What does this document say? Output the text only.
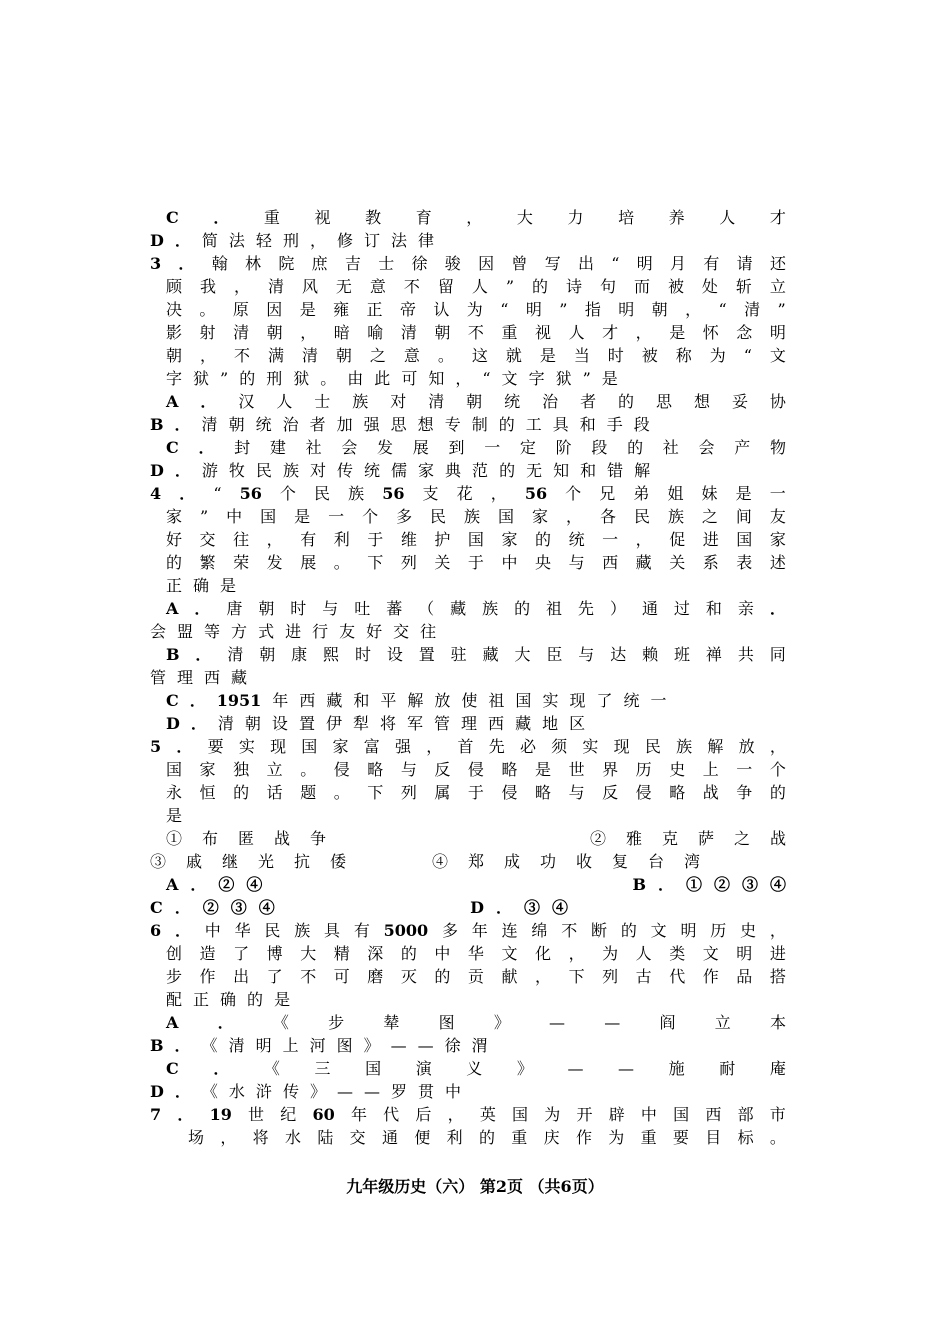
C ． 重 视 教 育 ， 大 力 培 养 人 才
D ． 简 法 轻 刑 ， 修 订 法 律
3 ． 翰 林 院 庶 吉 士 徐 骏 因 曾 写 出 “ 明 月 有 请 还
顾 我 ， 清 风 无 意 不 留 人 ” 的 诗 句 而 被 处 斩 立
决 。 原 因 是 雍 正 帝 认 为 “ 明 ” 指 明 朝 ， “ 清 ”
影 射 清 朝 ， 暗 喻 清 朝 不 重 视 人 才 ， 是 怀 念 明
朝 ， 不 满 清 朝 之 意 。 这 就 是 当 时 被 称 为 “ 文
字 狱 ” 的 刑 狱 。 由 此 可 知 ， “ 文 字 狱 ” 是
A ． 汉 人 士 族 对 清 朝 统 治 者 的 思 想 妥 协
B ． 清 朝 统 治 者 加 强 思 想 专 制 的 工 具 和 手 段
C ． 封 建 社 会 发 展 到 一 定 阶 段 的 社 会 产 物
D ． 游 牧 民 族 对 传 统 儒 家 典 范 的 无 知 和 错 解
4 ． “ 56 个 民 族 56 支 花 ， 56 个 兄 弟 姐 妹 是 一
家 ” 中 国 是 一 个 多 民 族 国 家 ， 各 民 族 之 间 友
好 交 往 ， 有 利 于 维 护 国 家 的 统 一 ， 促 进 国 家
的 繁 荣 发 展 。 下 列 关 于 中 央 与 西 藏 关 系 表 述
正 确 是
A ． 唐 朝 时 与 吐 蕃 （ 藏 族 的 祖 先 ） 通 过 和 亲 ．
会 盟 等 方 式 进 行 友 好 交 往
B ． 清 朝 康 熙 时 设 置 驻 藏 大 臣 与 达 赖 班 禅 共 同
管 理 西 藏
C ． 1951 年 西 藏 和 平 解 放 使 祖 国 实 现 了 统 一
D ． 清 朝 设 置 伊 犁 将 军 管 理 西 藏 地 区
5 ． 要 实 现 国 家 富 强 ， 首 先 必 须 实 现 民 族 解 放 ，
国 家 独 立 。 侵 略 与 反 侵 略 是 世 界 历 史 上 一 个
永 恒 的 话 题 。 下 列 属 于 侵 略 与 反 侵 略 战 争 的
是
①布匿战争	②雅克萨之战
③戚继光抗倭	④郑成功收复台湾
A．②④	B．①②③④
C．②③④	D．③④
6 ． 中 华 民 族 具 有 5000 多 年 连 绵 不 断 的 文 明 历 史 ，
创 造 了 博 大 精 深 的 中 华 文 化 ， 为 人 类 文 明 进
步 作 出 了 不 可 磨 灭 的 贡 献 ， 下 列 古 代 作 品 搭
配 正 确 的 是
A ． 《 步 辇 图 》 — — 阎 立 本
B ． 《 清 明 上 河 图 》 — — 徐 渭
C ． 《 三 国 演 义 》 — — 施 耐 庵
D ． 《 水 浒 传 》 — — 罗 贯 中
7 ． 19 世 纪 60 年 代 后 ， 英 国 为 开 辟 中 国 西 部 市
场 ， 将 水 陆 交 通 便 利 的 重 庆 作 为 重 要 目 标 。
九年级历史（六） 第2页 （共6页）
